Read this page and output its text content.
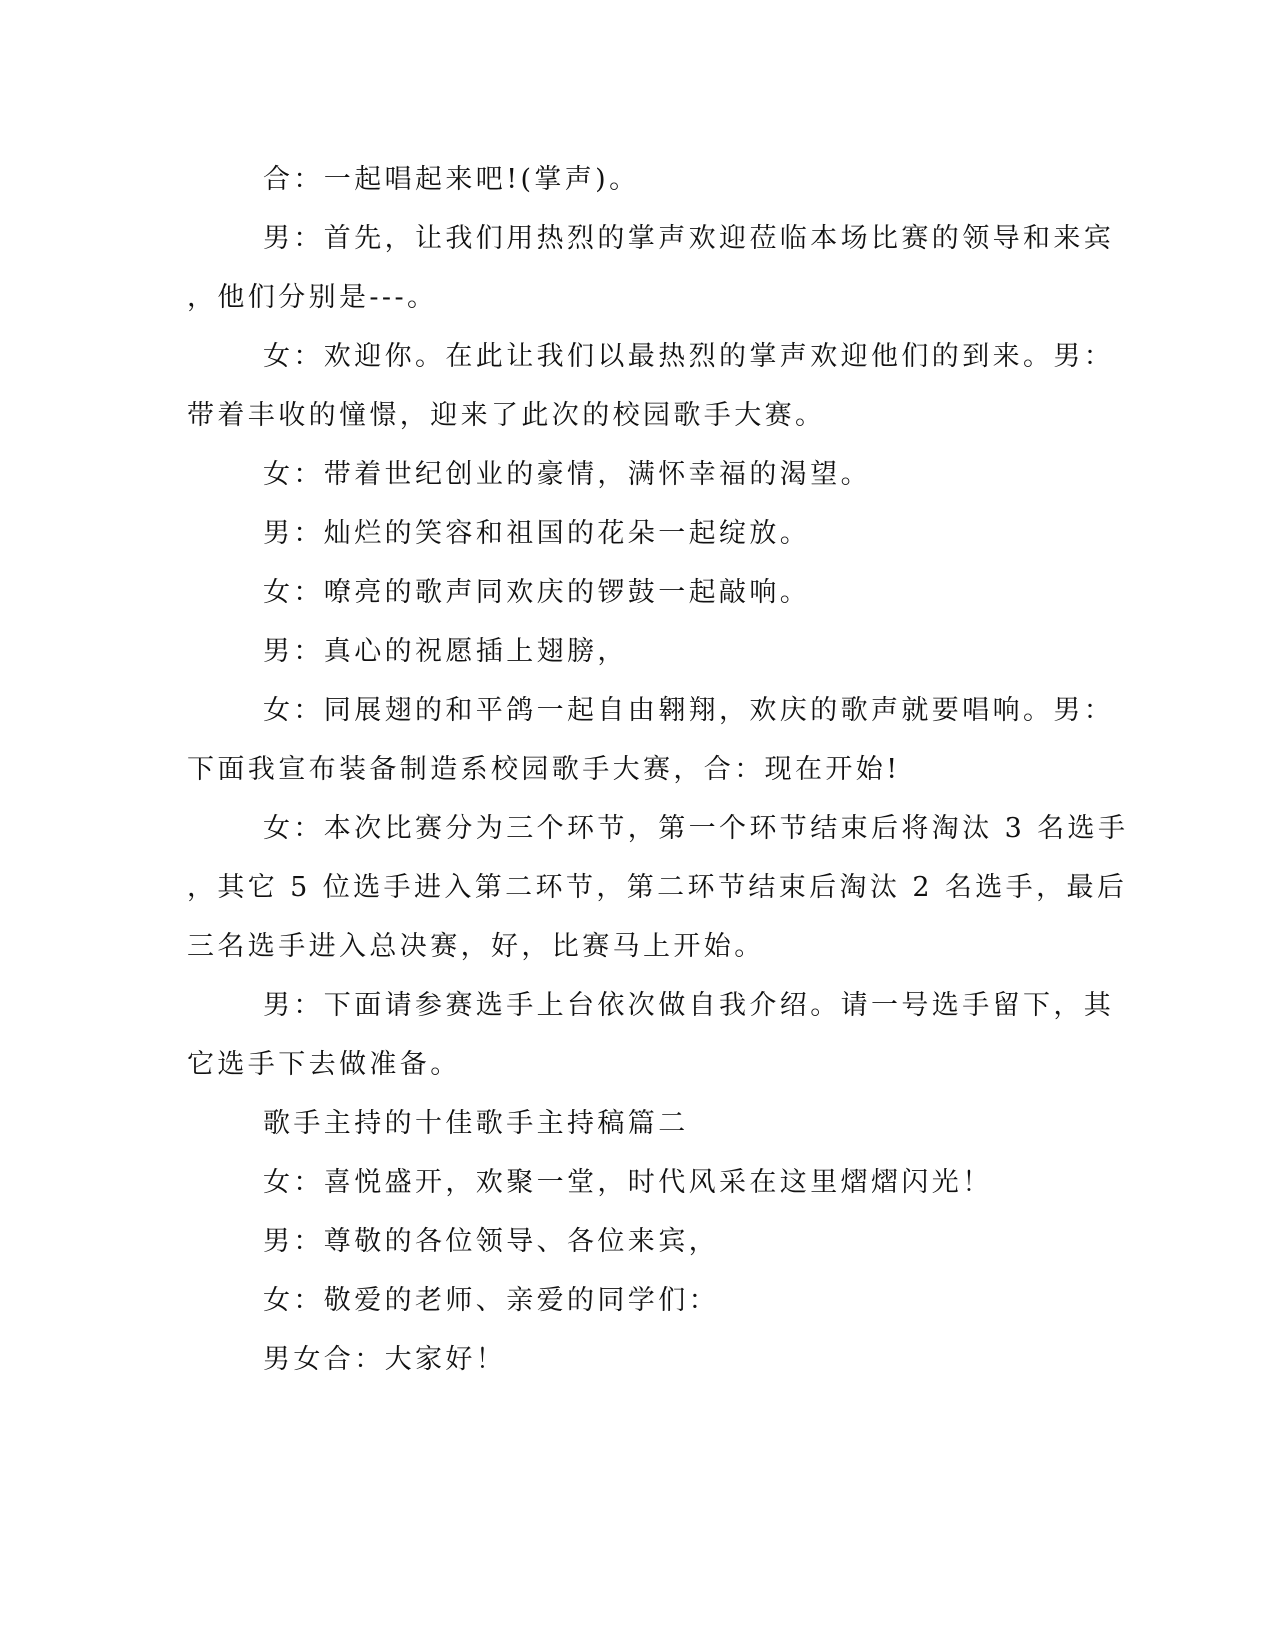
合：一起唱起来吧!(掌声)。
男：首先，让我们用热烈的掌声欢迎莅临本场比赛的领导和来宾
，他们分别是---。
女：欢迎你。在此让我们以最热烈的掌声欢迎他们的到来。男：
带着丰收的憧憬，迎来了此次的校园歌手大赛。
女：带着世纪创业的豪情，满怀幸福的渴望。
男：灿烂的笑容和祖国的花朵一起绽放。
女：嘹亮的歌声同欢庆的锣鼓一起敲响。
男：真心的祝愿插上翅膀，
女：同展翅的和平鸽一起自由翱翔，欢庆的歌声就要唱响。男：
下面我宣布装备制造系校园歌手大赛，合：现在开始!
女：本次比赛分为三个环节，第一个环节结束后将淘汰 3 名选手
，其它 5 位选手进入第二环节，第二环节结束后淘汰 2 名选手，最后
三名选手进入总决赛，好，比赛马上开始。
男：下面请参赛选手上台依次做自我介绍。请一号选手留下，其
它选手下去做准备。
歌手主持的十佳歌手主持稿篇二
女：喜悦盛开，欢聚一堂，时代风采在这里熠熠闪光！
男：尊敬的各位领导、各位来宾，
女：敬爱的老师、亲爱的同学们：
男女合：大家好！
